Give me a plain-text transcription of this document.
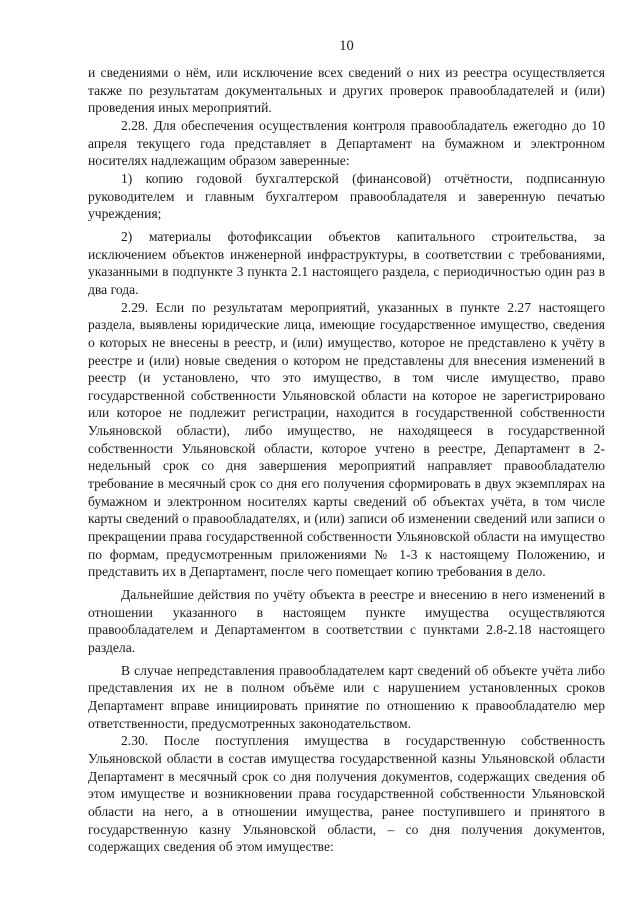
10

и сведениями о нём, или исключение всех сведений о них из реестра осуществляется также по результатам документальных и других проверок правообладателей и (или) проведения иных мероприятий.

2.28. Для обеспечения осуществления контроля правообладатель ежегодно до 10 апреля текущего года представляет в Департамент на бумажном и электронном носителях надлежащим образом заверенные:

1) копию годовой бухгалтерской (финансовой) отчётности, подписанную руководителем и главным бухгалтером правообладателя и заверенную печатью учреждения;

2) материалы фотофиксации объектов капитального строительства, за исключением объектов инженерной инфраструктуры, в соответствии с требованиями, указанными в подпункте 3 пункта 2.1 настоящего раздела, с периодичностью один раз в два года.

2.29. Если по результатам мероприятий, указанных в пункте 2.27 настоящего раздела, выявлены юридические лица, имеющие государственное имущество, сведения о которых не внесены в реестр, и (или) имущество, которое не представлено к учёту в реестре и (или) новые сведения о котором не представлены для внесения изменений в реестр (и установлено, что это имущество, в том числе имущество, право государственной собственности Ульяновской области на которое не зарегистрировано или которое не подлежит регистрации, находится в государственной собственности Ульяновской области), либо имущество, не находящееся в государственной собственности Ульяновской области, которое учтено в реестре, Департамент в 2-недельный срок со дня завершения мероприятий направляет правообладателю требование в месячный срок со дня его получения сформировать в двух экземплярах на бумажном и электронном носителях карты сведений об объектах учёта, в том числе карты сведений о правообладателях, и (или) записи об изменении сведений или записи о прекращении права государственной собственности Ульяновской области на имущество по формам, предусмотренным приложениями № 1-3 к настоящему Положению, и представить их в Департамент, после чего помещает копию требования в дело.

Дальнейшие действия по учёту объекта в реестре и внесению в него изменений в отношении указанного в настоящем пункте имущества осуществляются правообладателем и Департаментом в соответствии с пунктами 2.8-2.18 настоящего раздела.

В случае непредставления правообладателем карт сведений об объекте учёта либо представления их не в полном объёме или с нарушением установленных сроков Департамент вправе инициировать принятие по отношению к правообладателю мер ответственности, предусмотренных законодательством.

2.30. После поступления имущества в государственную собственность Ульяновской области в состав имущества государственной казны Ульяновской области Департамент в месячный срок со дня получения документов, содержащих сведения об этом имуществе и возникновении права государственной собственности Ульяновской области на него, а в отношении имущества, ранее поступившего и принятого в государственную казну Ульяновской области, – со дня получения документов, содержащих сведения об этом имуществе:
